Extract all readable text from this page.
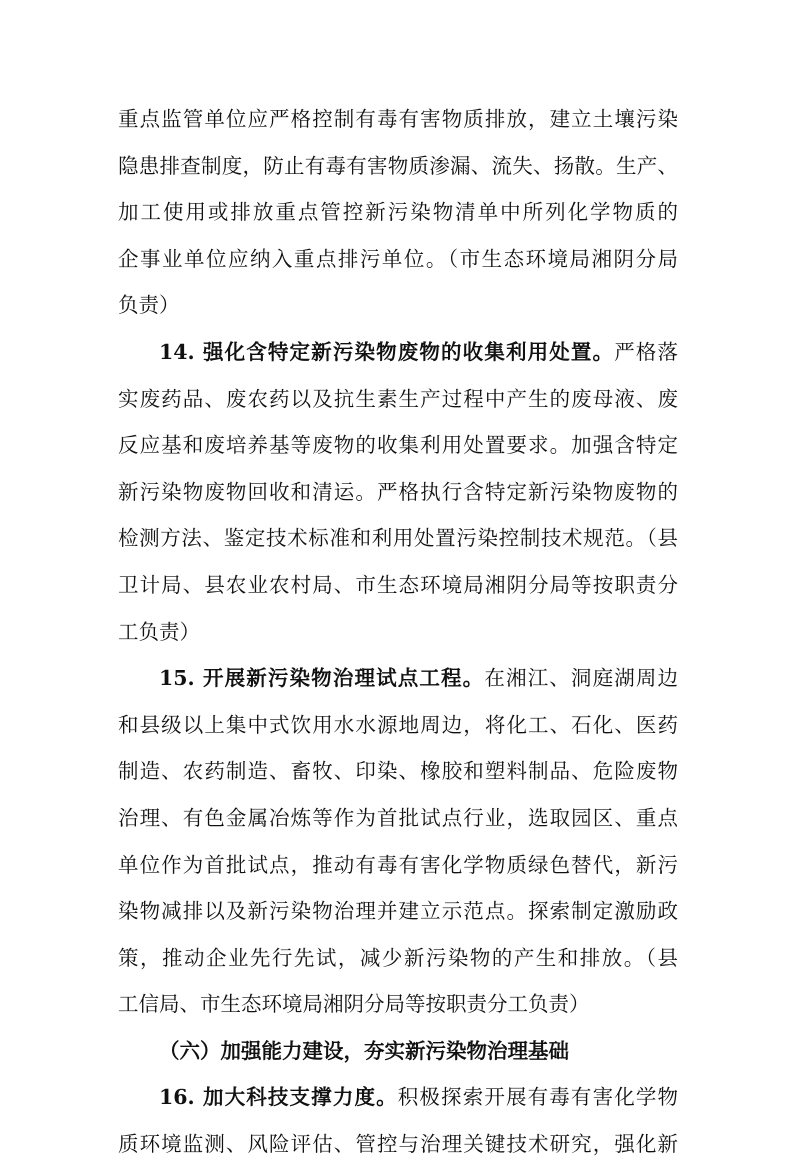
重点监管单位应严格控制有毒有害物质排放，建立土壤污染
隐患排查制度，防止有毒有害物质渗漏、流失、扬散。生产、
加工使用或排放重点管控新污染物清单中所列化学物质的
企事业单位应纳入重点排污单位。（市生态环境局湘阴分局
负责）
14. 强化含特定新污染物废物的收集利用处置。严格落
实废药品、废农药以及抗生素生产过程中产生的废母液、废
反应基和废培养基等废物的收集利用处置要求。加强含特定
新污染物废物回收和清运。严格执行含特定新污染物废物的
检测方法、鉴定技术标准和利用处置污染控制技术规范。（县
卫计局、县农业农村局、市生态环境局湘阴分局等按职责分
工负责）
15. 开展新污染物治理试点工程。在湘江、洞庭湖周边
和县级以上集中式饮用水水源地周边，将化工、石化、医药
制造、农药制造、畜牧、印染、橡胶和塑料制品、危险废物
治理、有色金属冶炼等作为首批试点行业，选取园区、重点
单位作为首批试点，推动有毒有害化学物质绿色替代，新污
染物减排以及新污染物治理并建立示范点。探索制定激励政
策，推动企业先行先试，减少新污染物的产生和排放。（县
工信局、市生态环境局湘阴分局等按职责分工负责）
（六）加强能力建设，夯实新污染物治理基础
16. 加大科技支撑力度。积极探索开展有毒有害化学物
质环境监测、风险评估、管控与治理关键技术研究，强化新
